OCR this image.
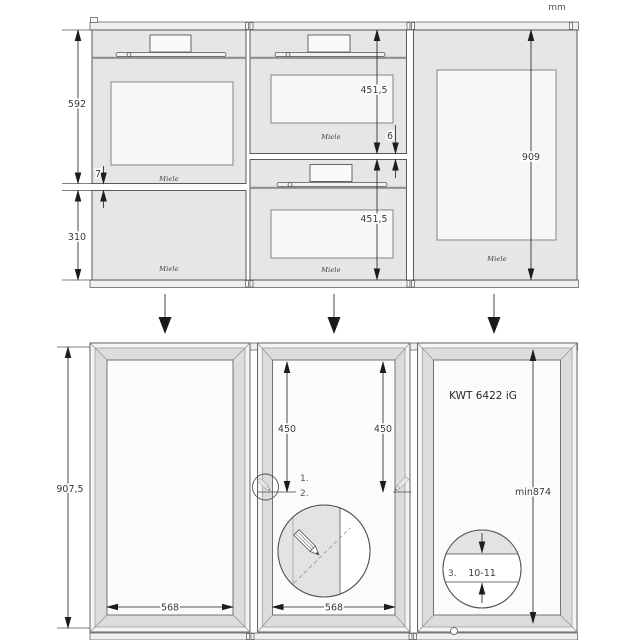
mm
Miele
Miele
Miele
Miele
Miele
592
310
7
451,5
6
451,5
909
907,5
568	568
450	450
1.
2.
KWT 6422 iG
min874
3. 10-11
